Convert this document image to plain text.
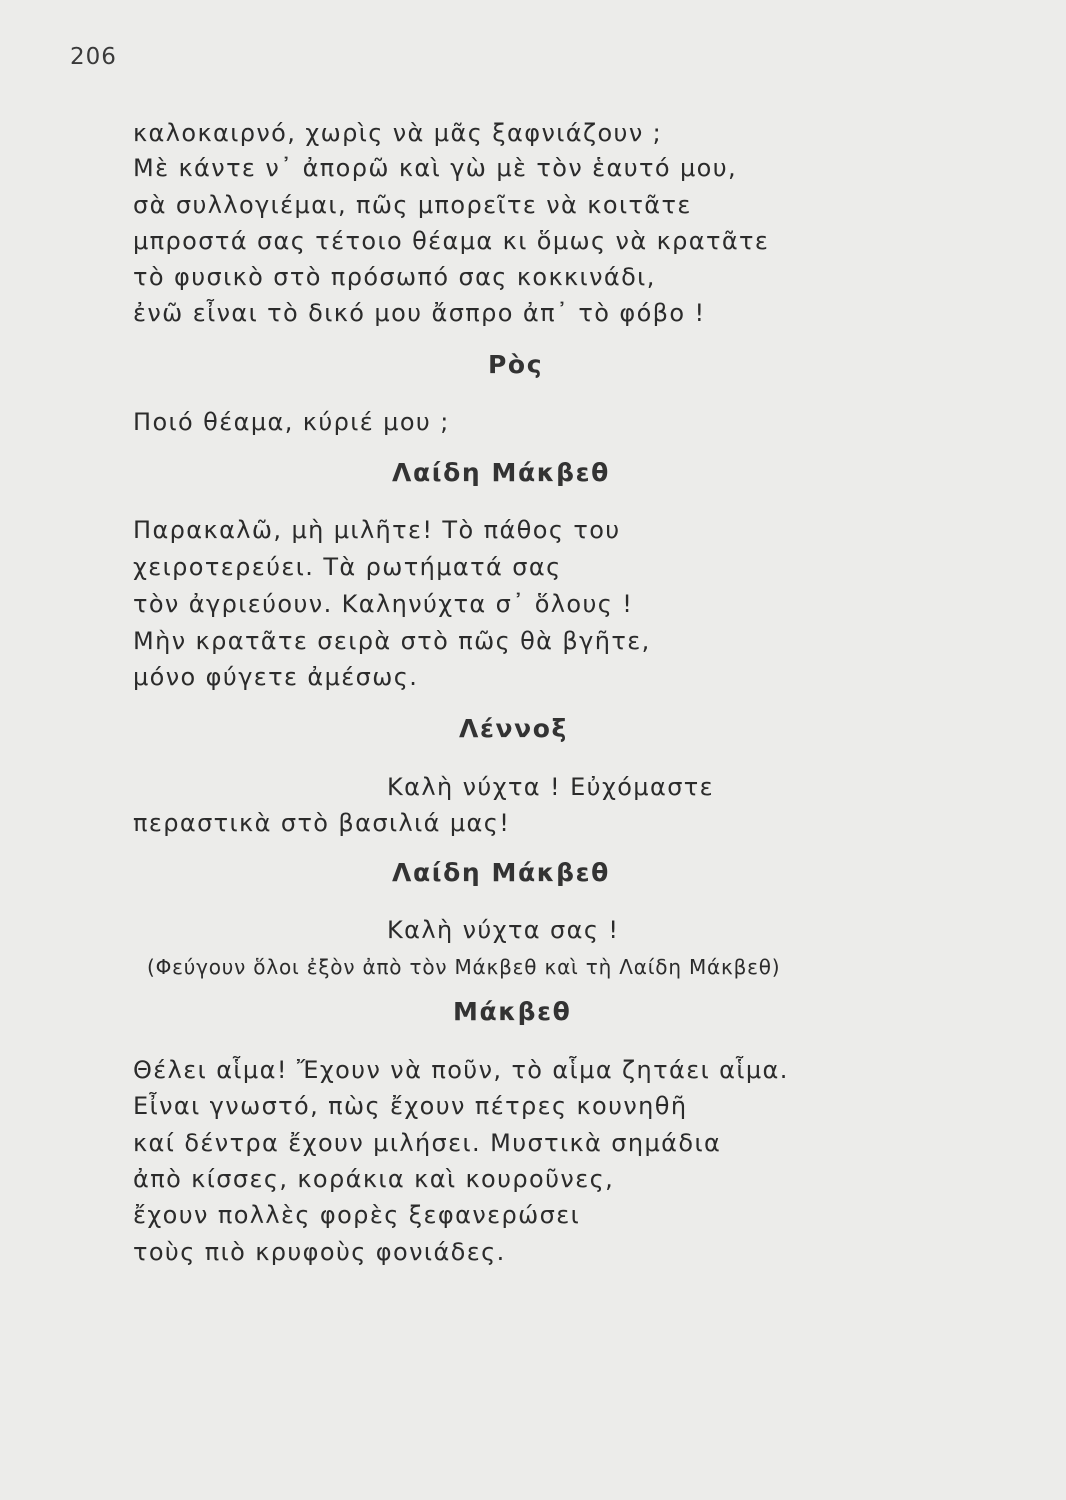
206
καλοκαιρνό, χωρὶς νὰ μᾶς ξαφνιάζουν ;
Μὲ κάντε ν᾿ ἀπορῶ καὶ γὼ μὲ τὸν ἑαυτό μου,
σὰ συλλογιέμαι, πῶς μπορεῖτε νὰ κοιτᾶτε
μπροστά σας τέτοιο θέαμα κι ὅμως νὰ κρατᾶτε
τὸ φυσικὸ στὸ πρόσωπό σας κοκκινάδι,
ἐνῶ εἶναι τὸ δικό μου ἄσπρο ἀπ᾿ τὸ φόβο !
Ρὸς
Ποιό θέαμα, κύριέ μου ;
Λαίδη Μάκβεθ
Παρακαλῶ, μὴ μιλῆτε! Τὸ πάθος του
χειροτερεύει. Τὰ ρωτήματά σας
τὸν ἀγριεύουν. Καληνύχτα σ᾿ ὅλους !
Μὴν κρατᾶτε σειρὰ στὸ πῶς θὰ βγῆτε,
μόνο φύγετε ἀμέσως.
Λέννοξ
Καλὴ νύχτα ! Εὐχόμαστε
περαστικὰ στὸ βασιλιά μας!
Λαίδη Μάκβεθ
Καλὴ νύχτα σας !
(Φεύγουν ὅλοι ἐξὸν ἀπὸ τὸν Μάκβεθ καὶ τὴ Λαίδη Μάκβεθ)
Μάκβεθ
Θέλει αἷμα! Ἔχουν νὰ ποῦν, τὸ αἷμα ζητάει αἷμα.
Εἶναι γνωστό, πὼς ἔχουν πέτρες κουνηθῆ
καί δέντρα ἔχουν μιλήσει. Μυστικὰ σημάδια
ἀπὸ κίσσες, κοράκια καὶ κουροῦνες,
ἔχουν πολλὲς φορὲς ξεφανερώσει
τοὺς πιὸ κρυφοὺς φονιάδες.
